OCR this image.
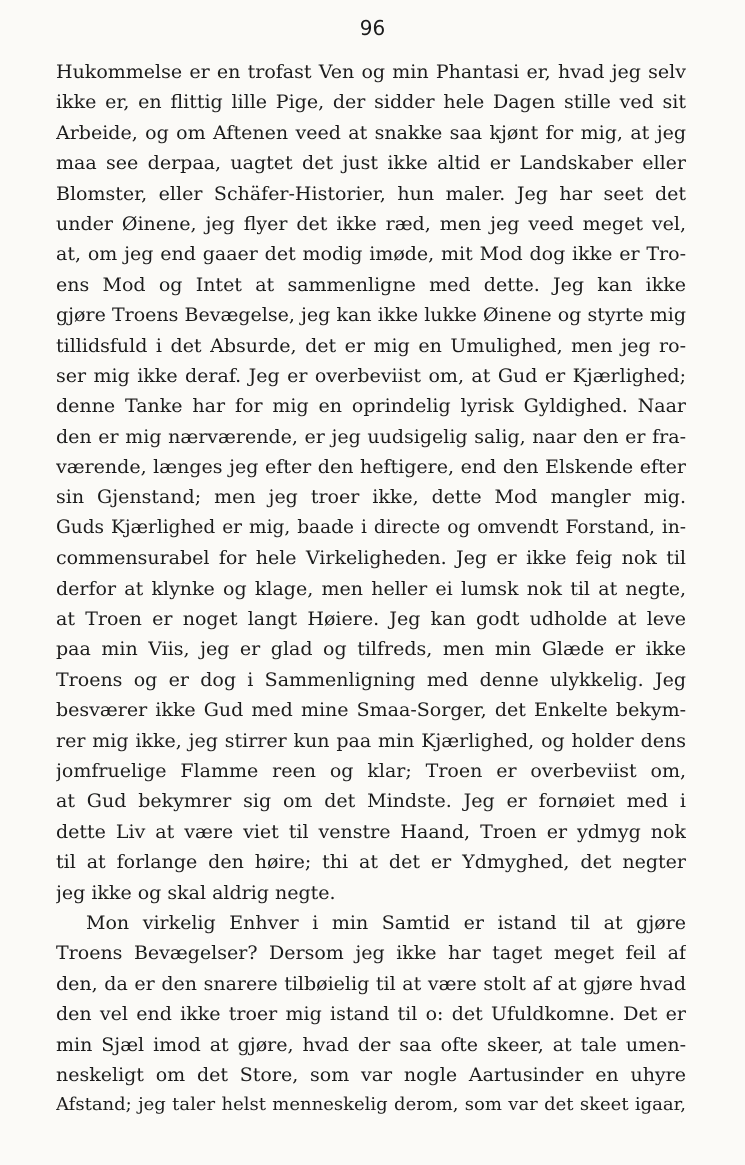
96
Hukommelse er en trofast Ven og min Phantasi er, hvad jeg selv
ikke er, en flittig lille Pige, der sidder hele Dagen stille ved sit
Arbeide, og om Aftenen veed at snakke saa kjønt for mig, at jeg
maa see derpaa, uagtet det just ikke altid er Landskaber eller
Blomster, eller Schäfer-Historier, hun maler. Jeg har seet det
under Øinene, jeg flyer det ikke ræd, men jeg veed meget vel,
at, om jeg end gaaer det modig imøde, mit Mod dog ikke er Tro-
ens Mod og Intet at sammenligne med dette. Jeg kan ikke
gjøre Troens Bevægelse, jeg kan ikke lukke Øinene og styrte mig
tillidsfuld i det Absurde, det er mig en Umulighed, men jeg ro-
ser mig ikke deraf. Jeg er overbeviist om, at Gud er Kjærlighed;
denne Tanke har for mig en oprindelig lyrisk Gyldighed. Naar
den er mig nærværende, er jeg uudsigelig salig, naar den er fra-
værende, længes jeg efter den heftigere, end den Elskende efter
sin Gjenstand; men jeg troer ikke, dette Mod mangler mig.
Guds Kjærlighed er mig, baade i directe og omvendt Forstand, in-
commensurabel for hele Virkeligheden. Jeg er ikke feig nok til
derfor at klynke og klage, men heller ei lumsk nok til at negte,
at Troen er noget langt Høiere. Jeg kan godt udholde at leve
paa min Viis, jeg er glad og tilfreds, men min Glæde er ikke
Troens og er dog i Sammenligning med denne ulykkelig. Jeg
besværer ikke Gud med mine Smaa-Sorger, det Enkelte bekym-
rer mig ikke, jeg stirrer kun paa min Kjærlighed, og holder dens
jomfruelige Flamme reen og klar; Troen er overbeviist om,
at Gud bekymrer sig om det Mindste. Jeg er fornøiet med i
dette Liv at være viet til venstre Haand, Troen er ydmyg nok
til at forlange den høire; thi at det er Ydmyghed, det negter
jeg ikke og skal aldrig negte.
Mon virkelig Enhver i min Samtid er istand til at gjøre
Troens Bevægelser? Dersom jeg ikke har taget meget feil af
den, da er den snarere tilbøielig til at være stolt af at gjøre hvad
den vel end ikke troer mig istand til o: det Ufuldkomne. Det er
min Sjæl imod at gjøre, hvad der saa ofte skeer, at tale umen-
neskeligt om det Store, som var nogle Aartusinder en uhyre
Afstand; jeg taler helst menneskelig derom, som var det skeet igaar,
